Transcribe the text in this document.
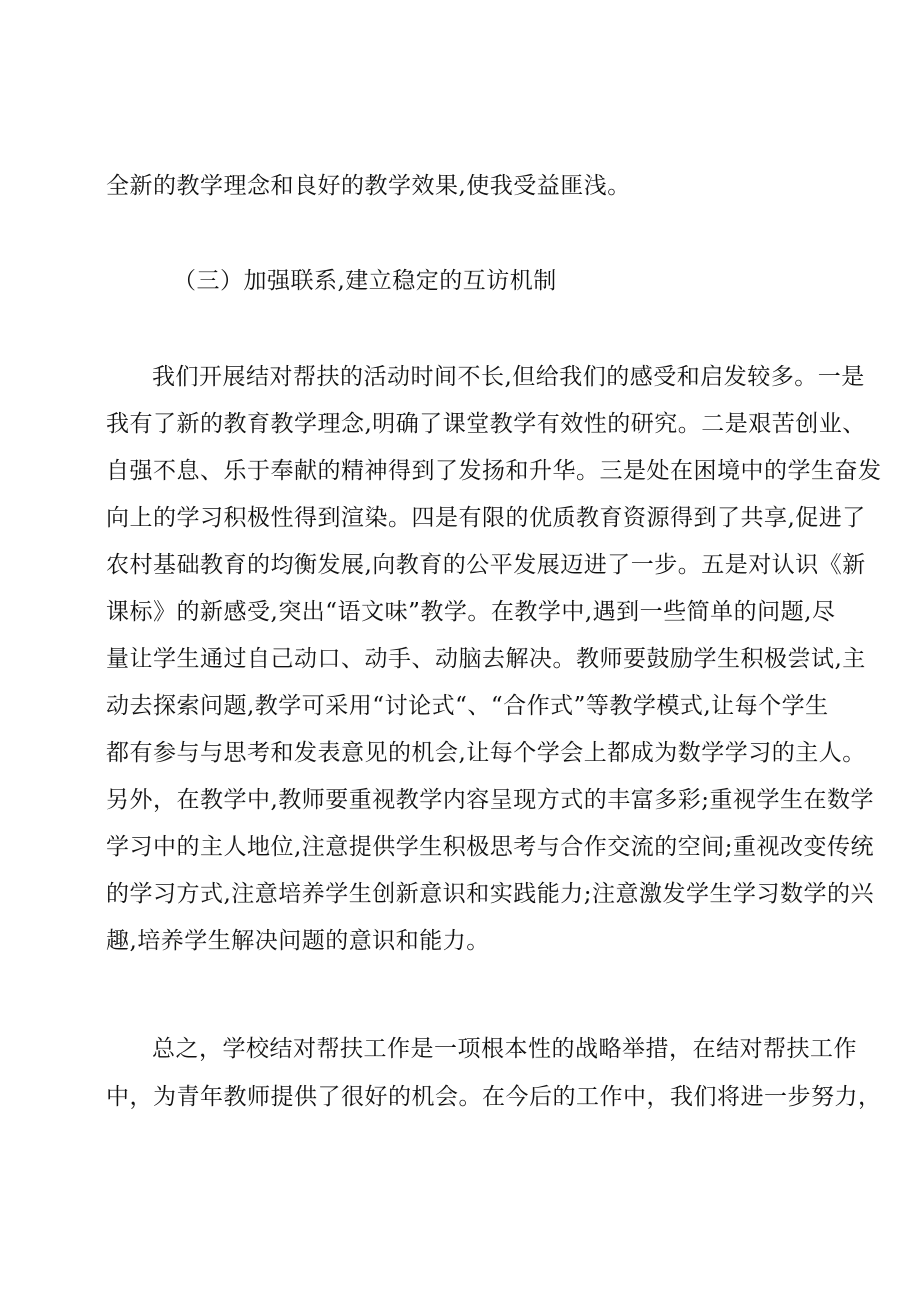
全新的教学理念和良好的教学效果,使我受益匪浅。
（三）加强联系,建立稳定的互访机制
我们开展结对帮扶的活动时间不长,但给我们的感受和启发较多。一是
我有了新的教育教学理念,明确了课堂教学有效性的研究。二是艰苦创业、
自强不息、乐于奉献的精神得到了发扬和升华。三是处在困境中的学生奋发
向上的学习积极性得到渲染。四是有限的优质教育资源得到了共享,促进了
农村基础教育的均衡发展,向教育的公平发展迈进了一步。五是对认识《新
课标》的新感受,突出“语文味”教学。在教学中,遇到一些简单的问题,尽
量让学生通过自己动口、动手、动脑去解决。教师要鼓励学生积极尝试,主
动去探索问题,教学可采用“讨论式“、“合作式”等教学模式,让每个学生
都有参与与思考和发表意见的机会,让每个学会上都成为数学学习的主人。
另外，在教学中,教师要重视教学内容呈现方式的丰富多彩;重视学生在数学
学习中的主人地位,注意提供学生积极思考与合作交流的空间;重视改变传统
的学习方式,注意培养学生创新意识和实践能力;注意激发学生学习数学的兴
趣,培养学生解决问题的意识和能力。
总之，学校结对帮扶工作是一项根本性的战略举措，在结对帮扶工作
中，为青年教师提供了很好的机会。在今后的工作中，我们将进一步努力，
